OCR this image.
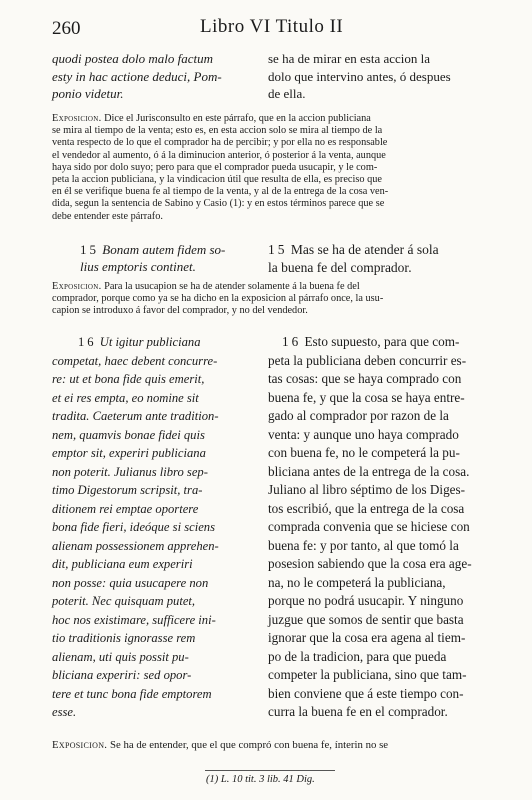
260	Libro VI Titulo II
quodi postea dolo malo factum
esty in hac actione deduci, Pom-
ponio videtur.
se ha de mirar en esta accion la
dolo que intervino antes, ó despues
de ella.
Exposicion. Dice el Jurisconsulto en este párrafo, que en la accion publiciana
se mira al tiempo de la venta; esto es, en esta accion solo se mira al tiempo de la
venta respecto de lo que el comprador ha de percibir; y por ella no es responsable
el vendedor al aumento, ó á la diminucion anterior, ó posterior á la venta, aunque
haya sido por dolo suyo; pero para que el comprador pueda usucapir, y le com-
peta la accion publiciana, y la vindicacion útil que resulta de ella, es preciso que
en él se verifique buena fe al tiempo de la venta, y al de la entrega de la cosa ven-
dida, segun la sentencia de Sabino y Casio (1): y en estos términos parece que se
debe entender este párrafo.
15 Bonam autem fidem so-
lius emptoris continet.
15 Mas se ha de atender á sola
la buena fe del comprador.
Exposicion. Para la usucapion se ha de atender solamente á la buena fe del
comprador, porque como ya se ha dicho en la exposicion al párrafo once, la usu-
capion se introduxo á favor del comprador, y no del vendedor.
16 Ut igitur publiciana
competat, haec debent concurre-
re: ut et bona fide quis emerit,
et ei res empta, eo nomine sit
tradita. Caeterum ante tradition-
nem, quamvis bonae fidei quis
emptor sit, experiri publiciana
non poterit. Julianus libro sep-
timo Digestorum scripsit, tra-
ditionem rei emptae oportere
bona fide fieri, ideóque si sciens
alienam possessionem apprehen-
dit, publiciana eum experiri
non posse: quia usucapere non
poterit. Nec quisquam putet,
hoc nos existimare, sufficere ini-
tio traditionis ignorasse rem
alienam, uti quis possit pu-
bliciana experiri: sed opor-
tere et tunc bona fide emptorem
esse.
16 Esto supuesto, para que com-
peta la publiciana deben concurrir es-
tas cosas: que se haya comprado con
buena fe, y que la cosa se haya entre-
gado al comprador por razon de la
venta: y aunque uno haya comprado
con buena fe, no le competerá la pu-
bliciana antes de la entrega de la cosa.
Juliano al libro séptimo de los Diges-
tos escribió, que la entrega de la cosa
comprada convenia que se hiciese con
buena fe: y por tanto, al que tomó la
posesion sabiendo que la cosa era age-
na, no le competerá la publiciana,
porque no podrá usucapir. Y ninguno
juzgue que somos de sentir que basta
ignorar que la cosa era agena al tiem-
po de la tradicion, para que pueda
competer la publiciana, sino que tam-
bien conviene que á este tiempo con-
curra la buena fe en el comprador.
Exposicion. Se ha de entender, que el que compró con buena fe, ínterin no se
(1) L. 10 tit. 3 lib. 41 Dig.
